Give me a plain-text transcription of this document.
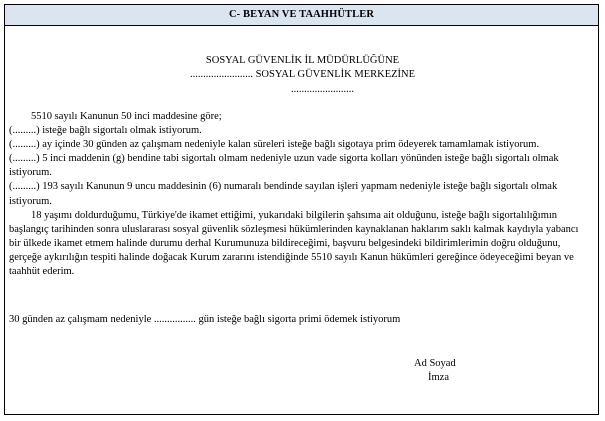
C- BEYAN VE TAAHHÜTLER
SOSYAL GÜVENLİK İL MÜDÜRLÜĞÜNE
........................ SOSYAL GÜVENLİK MERKEZİNE
........................

5510 sayılı Kanunun 50 inci maddesine göre;

(.........) isteğe bağlı sigortalı olmak istiyorum.

(.........) ay içinde 30 günden az çalışmam nedeniyle kalan süreleri isteğe bağlı sigotaya prim ödeyerek tamamlamak istiyorum.

(.........) 5 inci maddenin (g) bendine tabi sigortalı olmam nedeniyle uzun vade sigorta kolları yönünden isteğe bağlı sigortalı olmak istiyorum.

(.........) 193 sayılı Kanunun 9 uncu maddesinin (6) numaralı bendinde sayılan işleri yapmam nedeniyle isteğe bağlı sigortalı olmak istiyorum.

18 yaşımı doldurduğumu, Türkiye'de ikamet ettiğimi, yukarıdaki bilgilerin şahsıma ait olduğunu, isteğe bağlı sigortalılığımın başlangıç tarihinden sonra uluslararası sosyal güvenlik sözleşmesi hükümlerinden kaynaklanan haklarım saklı kalmak kaydıyla yabancı bir ülkede ikamet etmem halinde durumu derhal Kurumunuza bildireceğimi, başvuru belgesindeki bildirimlerimin doğru olduğunu, gerçeğe aykırılığın tespiti halinde doğacak Kurum zararını istendiğinde 5510 sayılı Kanun hükümleri gereğince ödeyeceğimi beyan ve taahhüt ederim.

30 günden az çalışmam nedeniyle ................ gün isteğe bağlı sigorta primi ödemek istiyorum
Ad Soyad
İmza
